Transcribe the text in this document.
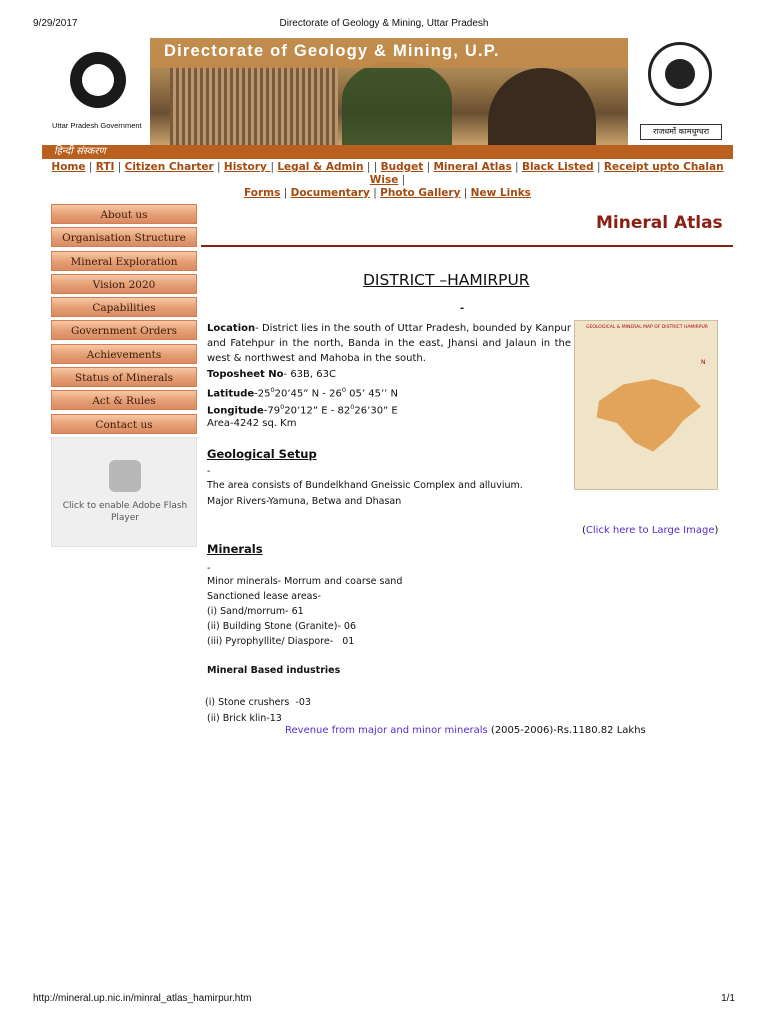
9/29/2017	Directorate of Geology & Mining, Uttar Pradesh
Uttar Pradesh Government
Directorate of Geology & Mining, U.P.
राजधर्मो कामधुग्धरा
हिन्दी संस्करण
Home | RTI | Citizen Charter | History | Legal & Admin | | Budget | Mineral Atlas | Black Listed | Receipt upto Chalan Wise |
Forms | Documentary | Photo Gallery | New Links
About us
Organisation Structure
Mineral Exploration
Vision 2020
Capabilities
Government Orders
Achievements
Status of Minerals
Act & Rules
Contact us
Click to enable Adobe Flash Player
Mineral Atlas
DISTRICT –HAMIRPUR
-
Location- District lies in the south of Uttar Pradesh, bounded by Kanpur and Fatehpur in the north, Banda in the east, Jhansi and Jalaun in the west & northwest and Mahoba in the south.
Toposheet No- 63B, 63C
Latitude-$25^020’45$” N - $26^0$ 05’ 45’’ N
Longitude-$79^020’12$” E - $82^026’30$” E
Area-4242 sq. Km
GEOLOGICAL & MINERAL MAP OF DISTRICT HAMIRPUR
N
Geological Setup
-
The area consists of Bundelkhand Gneissic Complex and alluvium.
Major Rivers-Yamuna, Betwa and Dhasan
(Click here to Large Image)
Minerals
-
Minor minerals- Morrum and coarse sand
Sanctioned lease areas-
(i) Sand/morrum- 61
(ii) Building Stone (Granite)- 06
(iii) Pyrophyllite/ Diaspore-   01
Mineral Based industries
(i) Stone crushers  -03
(ii) Brick klin-13
Revenue from major and minor minerals (2005-2006)-Rs.1180.82 Lakhs
http://mineral.up.nic.in/minral_atlas_hamirpur.htm	1/1
